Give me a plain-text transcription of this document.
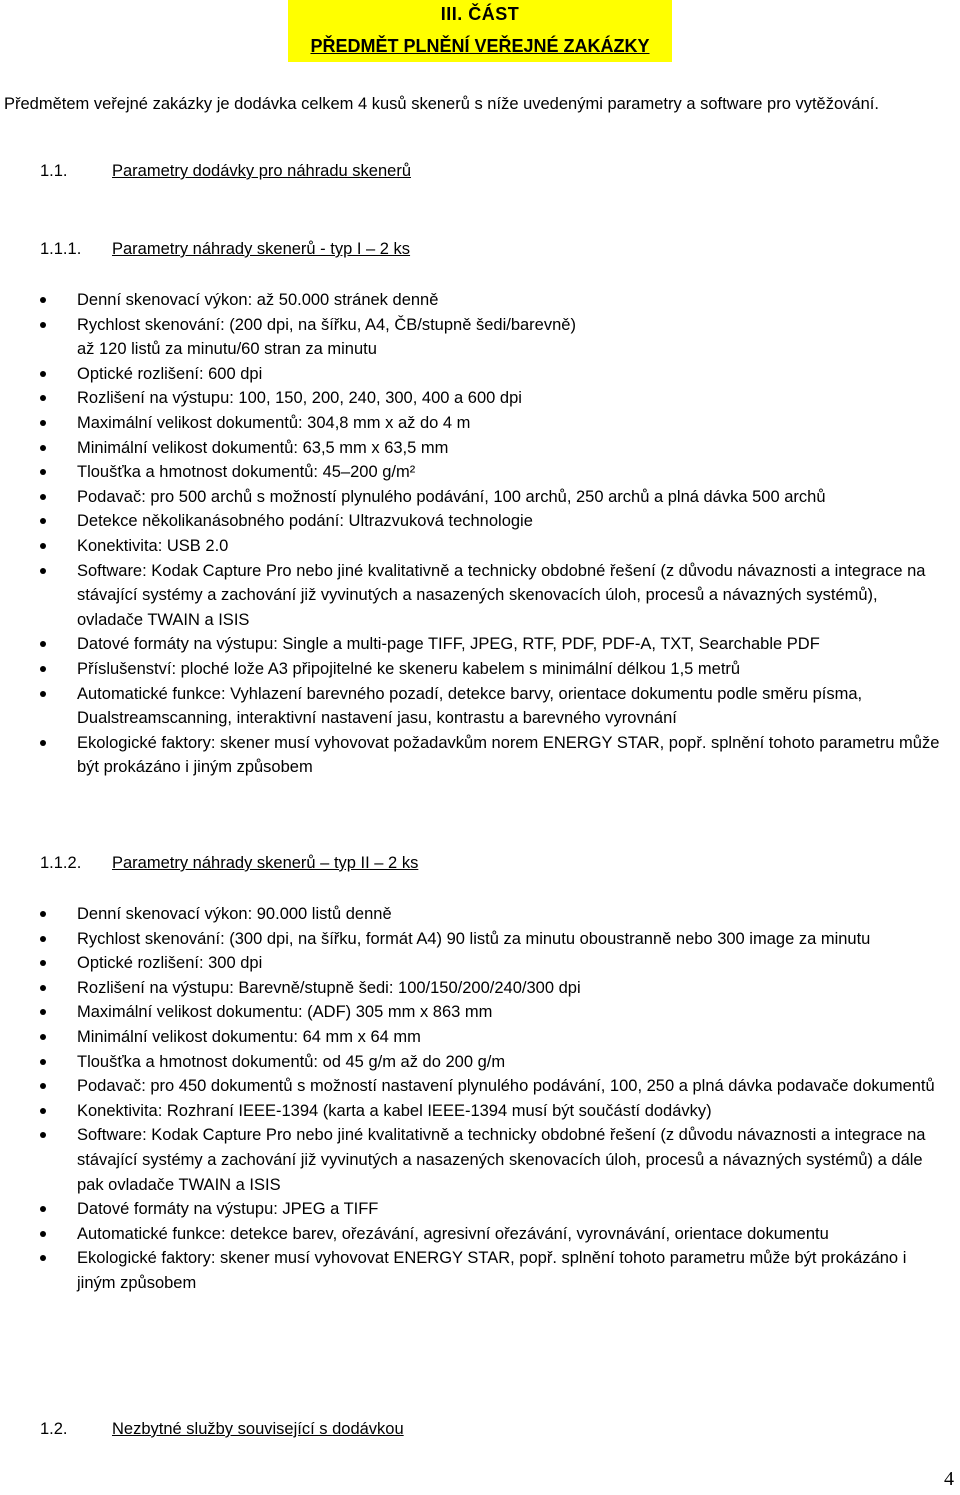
III. ČÁST
PŘEDMĚT PLNĚNÍ VEŘEJNÉ ZAKÁZKY
Předmětem veřejné zakázky je dodávka celkem 4 kusů skenerů s níže uvedenými parametry a software pro vytěžování.
1.1.	Parametry dodávky pro náhradu skenerů
1.1.1. Parametry náhrady skenerů - typ I – 2 ks
Denní skenovací výkon: až 50.000 stránek denně
Rychlost skenování: (200 dpi, na šířku, A4, ČB/stupně šedi/barevně)
až 120 listů za minutu/60 stran za minutu
Optické rozlišení: 600 dpi
Rozlišení na výstupu: 100, 150, 200, 240, 300, 400 a 600 dpi
Maximální velikost dokumentů: 304,8 mm x až do 4 m
Minimální velikost dokumentů: 63,5 mm x 63,5 mm
Tloušťka a hmotnost dokumentů: 45–200 g/m²
Podavač: pro 500 archů s možností plynulého podávání, 100 archů, 250 archů a plná dávka 500 archů
Detekce několikanásobného podání: Ultrazvuková technologie
Konektivita: USB 2.0
Software: Kodak Capture Pro nebo jiné kvalitativně a technicky obdobné řešení (z důvodu návaznosti a integrace na stávající systémy a zachování již vyvinutých a nasazených skenovacích úloh, procesů a návazných systémů), ovladače TWAIN a ISIS
Datové formáty na výstupu: Single a multi-page TIFF, JPEG, RTF, PDF, PDF-A, TXT, Searchable PDF
Příslušenství: ploché lože A3 připojitelné ke skeneru kabelem s minimální délkou 1,5 metrů
Automatické funkce: Vyhlazení barevného pozadí, detekce barvy, orientace dokumentu podle směru písma, Dualstreamscanning, interaktivní nastavení jasu, kontrastu a barevného vyrovnání
Ekologické faktory: skener musí vyhovovat požadavkům norem ENERGY STAR, popř. splnění tohoto parametru může být prokázáno i jiným způsobem
1.1.2. Parametry náhrady skenerů – typ II – 2 ks
Denní skenovací výkon: 90.000 listů denně
Rychlost skenování: (300 dpi, na šířku, formát A4) 90 listů za minutu oboustranně nebo 300 image za minutu
Optické rozlišení: 300 dpi
Rozlišení na výstupu: Barevně/stupně šedi: 100/150/200/240/300 dpi
Maximální velikost dokumentu: (ADF) 305 mm x 863 mm
Minimální velikost dokumentu: 64 mm x 64 mm
Tloušťka a hmotnost dokumentů: od 45 g/m až do 200 g/m
Podavač: pro 450 dokumentů s možností nastavení plynulého podávání, 100, 250 a plná dávka podavače dokumentů
Konektivita: Rozhraní IEEE-1394 (karta a kabel IEEE-1394 musí být součástí dodávky)
Software: Kodak Capture Pro nebo jiné kvalitativně a technicky obdobné řešení (z důvodu návaznosti a integrace na stávající systémy a zachování již vyvinutých a nasazených skenovacích úloh, procesů a návazných systémů) a dále pak ovladače TWAIN a ISIS
Datové formáty na výstupu: JPEG a TIFF
Automatické funkce: detekce barev, ořezávání, agresivní ořezávání, vyrovnávání, orientace dokumentu
Ekologické faktory: skener musí vyhovovat ENERGY STAR, popř. splnění tohoto parametru může být prokázáno i jiným způsobem
1.2.	Nezbytné služby související s dodávkou
4
